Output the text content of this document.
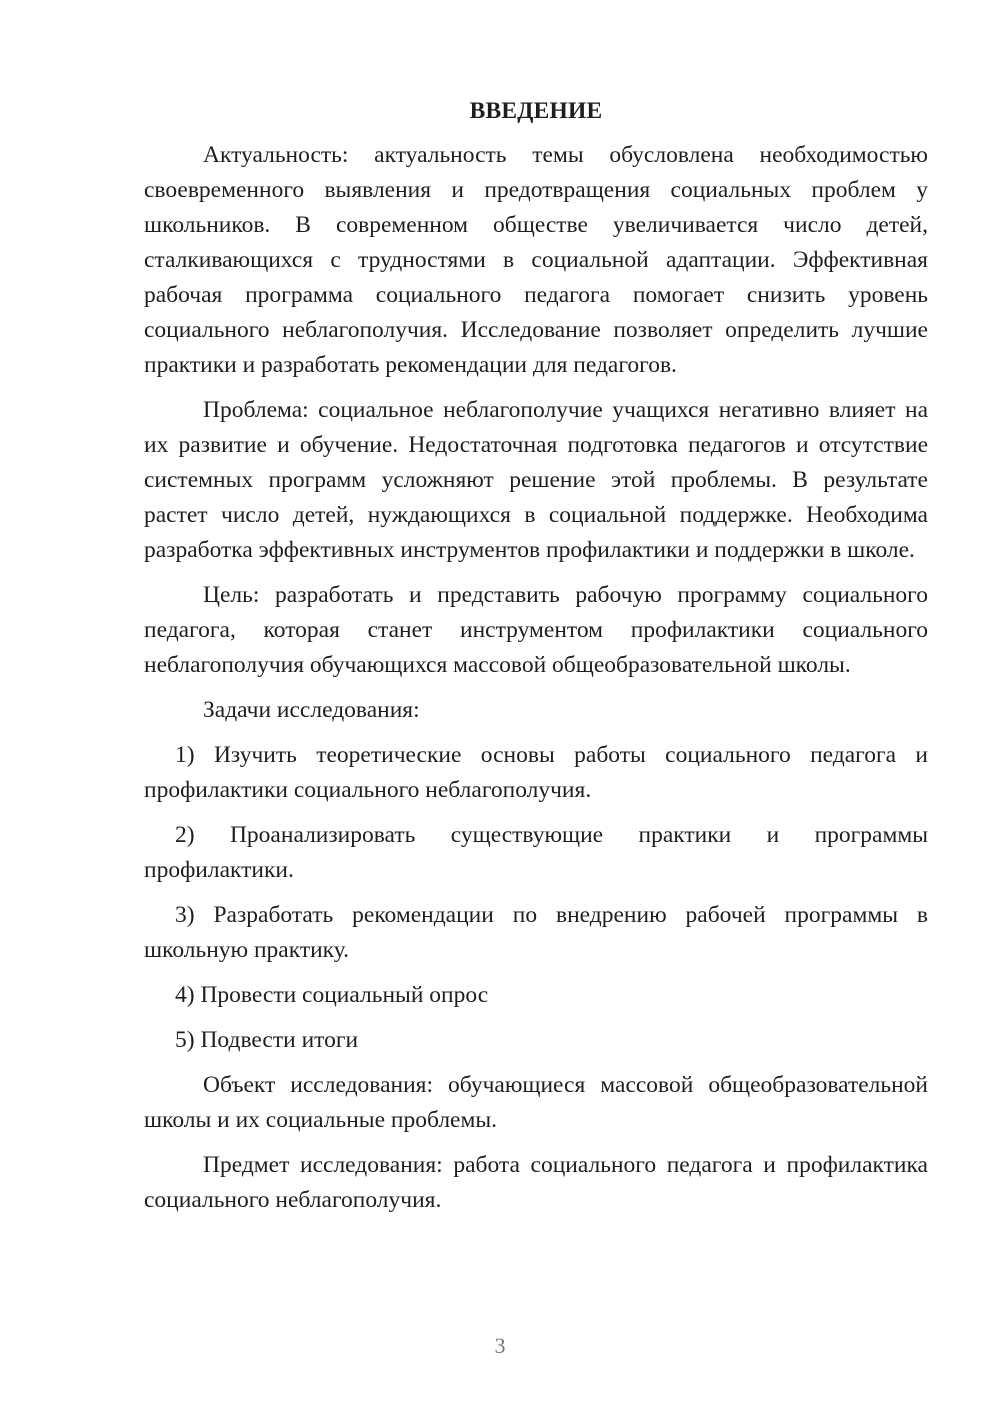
ВВЕДЕНИЕ

Актуальность: актуальность темы обусловлена необходимостью своевременного выявления и предотвращения социальных проблем у школьников. В современном обществе увеличивается число детей, сталкивающихся с трудностями в социальной адаптации. Эффективная рабочая программа социального педагога помогает снизить уровень социального неблагополучия. Исследование позволяет определить лучшие практики и разработать рекомендации для педагогов.

Проблема: социальное неблагополучие учащихся негативно влияет на их развитие и обучение. Недостаточная подготовка педагогов и отсутствие системных программ усложняют решение этой проблемы. В результате растет число детей, нуждающихся в социальной поддержке. Необходима разработка эффективных инструментов профилактики и поддержки в школе.

Цель: разработать и представить рабочую программу социального педагога, которая станет инструментом профилактики социального неблагополучия обучающихся массовой общеобразовательной школы.

Задачи исследования:

1) Изучить теоретические основы работы социального педагога и профилактики социального неблагополучия.

2) Проанализировать существующие практики и программы профилактики.

3) Разработать рекомендации по внедрению рабочей программы в школьную практику.

4) Провести социальный опрос

5) Подвести итоги

Объект исследования: обучающиеся массовой общеобразовательной школы и их социальные проблемы.

Предмет исследования: работа социального педагога и профилактика социального неблагополучия.

3
